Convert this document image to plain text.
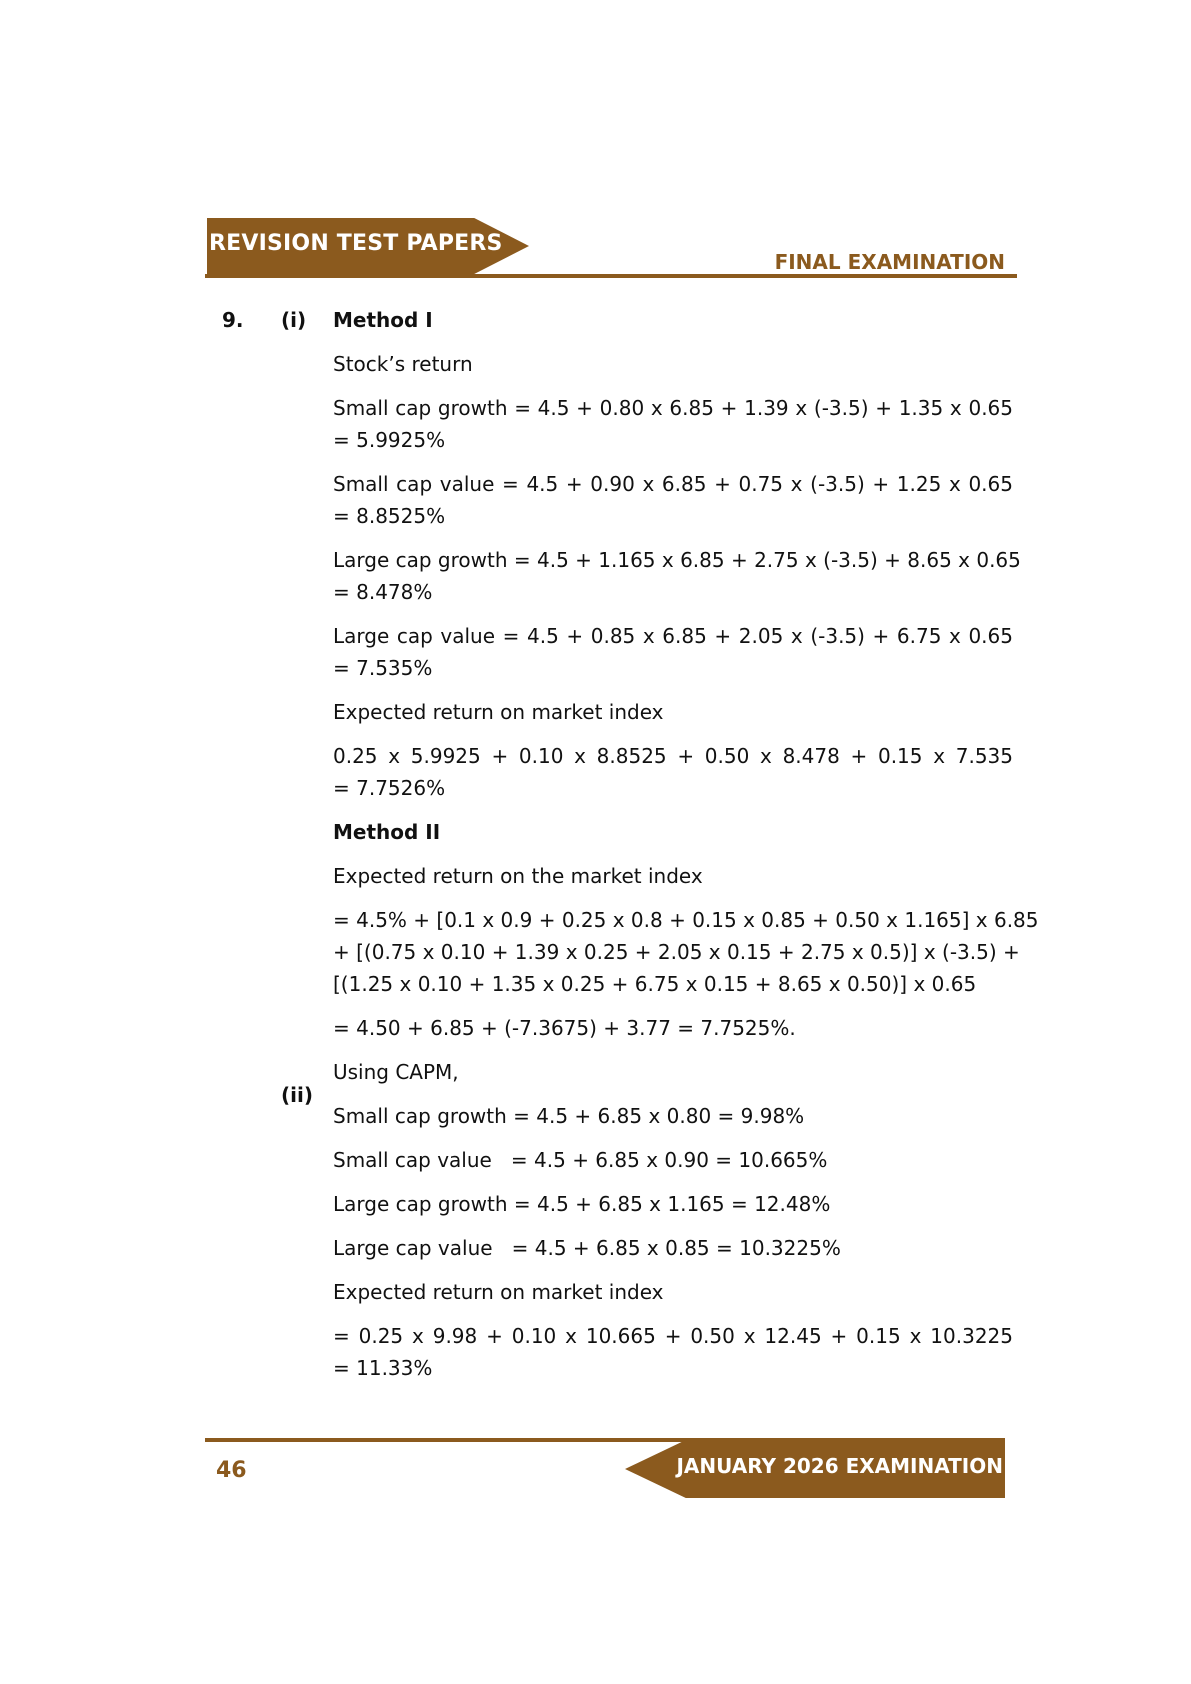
REVISION TEST PAPERS
FINAL EXAMINATION
9. (i)
(ii)
Method I
Stock’s return
Small cap growth = 4.5 + 0.80 x 6.85 + 1.39 x (-3.5) + 1.35 x 0.65
= 5.9925%
Small cap value = 4.5 + 0.90 x 6.85 + 0.75 x (-3.5) + 1.25 x 0.65
= 8.8525%
Large cap growth = 4.5 + 1.165 x 6.85 + 2.75 x (-3.5) + 8.65 x 0.65
= 8.478%
Large cap value = 4.5 + 0.85 x 6.85 + 2.05 x (-3.5) + 6.75 x 0.65
= 7.535%
Expected return on market index
0.25 x 5.9925 + 0.10 x 8.8525 + 0.50 x 8.478 + 0.15 x 7.535
= 7.7526%
Method II
Expected return on the market index
= 4.5% + [0.1 x 0.9 + 0.25 x 0.8 + 0.15 x 0.85 + 0.50 x 1.165] x 6.85
+ [(0.75 x 0.10 + 1.39 x 0.25 + 2.05 x 0.15 + 2.75 x 0.5)] x (-3.5) +
[(1.25 x 0.10 + 1.35 x 0.25 + 6.75 x 0.15 + 8.65 x 0.50)] x 0.65
= 4.50 + 6.85 + (-7.3675) + 3.77 = 7.7525%.
Using CAPM,
Small cap growth = 4.5 + 6.85 x 0.80 = 9.98%
Small cap value   = 4.5 + 6.85 x 0.90 = 10.665%
Large cap growth = 4.5 + 6.85 x 1.165 = 12.48%
Large cap value   = 4.5 + 6.85 x 0.85 = 10.3225%
Expected return on market index
= 0.25 x 9.98 + 0.10 x 10.665 + 0.50 x 12.45 + 0.15 x 10.3225
= 11.33%
46	JANUARY 2026 EXAMINATION
